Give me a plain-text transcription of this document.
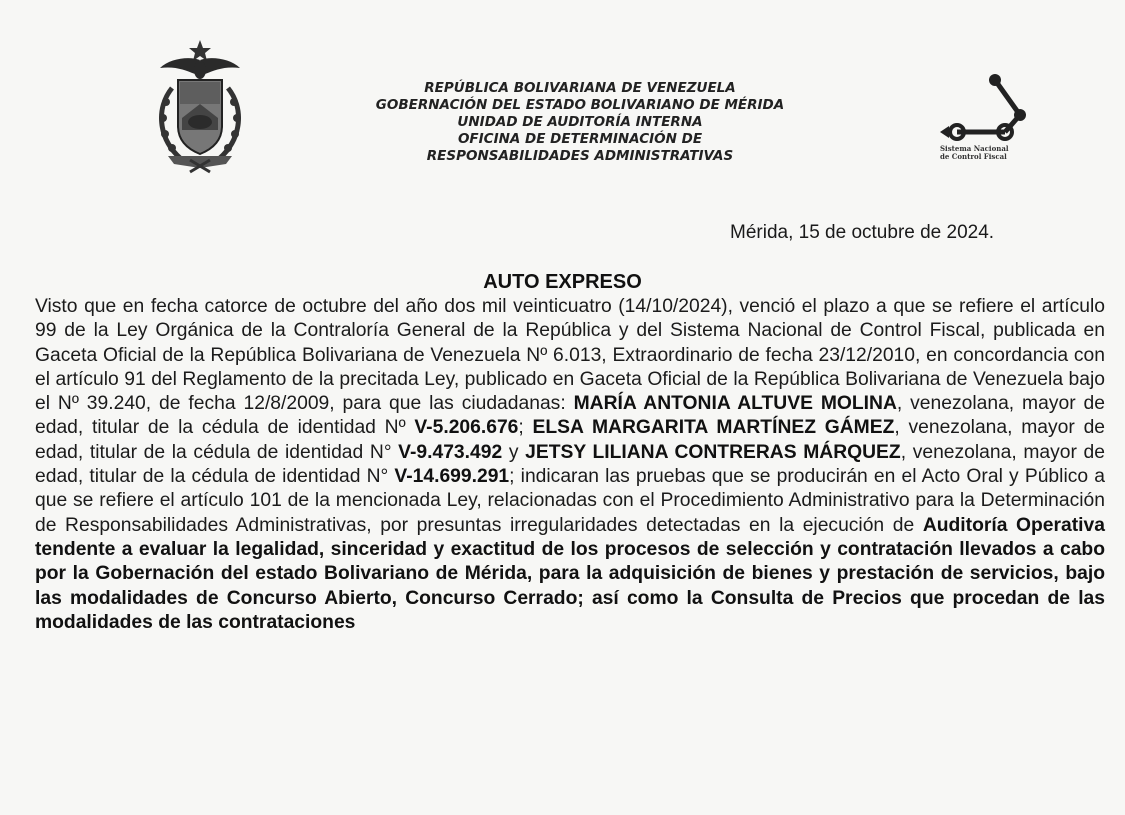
REPÚBLICA BOLIVARIANA DE VENEZUELA
GOBERNACIÓN DEL ESTADO BOLIVARIANO DE MÉRIDA
UNIDAD DE AUDITORÍA INTERNA
OFICINA DE DETERMINACIÓN DE
RESPONSABILIDADES ADMINISTRATIVAS	Sistema Nacional
de Control Fiscal
Mérida, 15 de octubre de 2024.
AUTO EXPRESO
Visto que en fecha catorce de octubre del año dos mil veinticuatro (14/10/2024), venció el plazo a que se refiere el artículo 99 de la Ley Orgánica de la Contraloría General de la República y del Sistema Nacional de Control Fiscal, publicada en Gaceta Oficial de la República Bolivariana de Venezuela Nº 6.013, Extraordinario de fecha 23/12/2010, en concordancia con el artículo 91 del Reglamento de la precitada Ley, publicado en Gaceta Oficial de la República Bolivariana de Venezuela bajo el Nº 39.240, de fecha 12/8/2009, para que las ciudadanas: MARÍA ANTONIA ALTUVE MOLINA, venezolana, mayor de edad, titular de la cédula de identidad Nº V-5.206.676; ELSA MARGARITA MARTÍNEZ GÁMEZ, venezolana, mayor de edad, titular de la cédula de identidad N° V-9.473.492 y JETSY LILIANA CONTRERAS MÁRQUEZ, venezolana, mayor de edad, titular de la cédula de identidad N° V-14.699.291; indicaran las pruebas que se producirán en el Acto Oral y Público a que se refiere el artículo 101 de la mencionada Ley, relacionadas con el Procedimiento Administrativo para la Determinación de Responsabilidades Administrativas, por presuntas irregularidades detectadas en la ejecución de Auditoría Operativa tendente a evaluar la legalidad, sinceridad y exactitud de los procesos de selección y contratación llevados a cabo por la Gobernación del estado Bolivariano de Mérida, para la adquisición de bienes y prestación de servicios, bajo las modalidades de Concurso Abierto, Concurso Cerrado; así como la Consulta de Precios que procedan de las modalidades de las contrataciones
